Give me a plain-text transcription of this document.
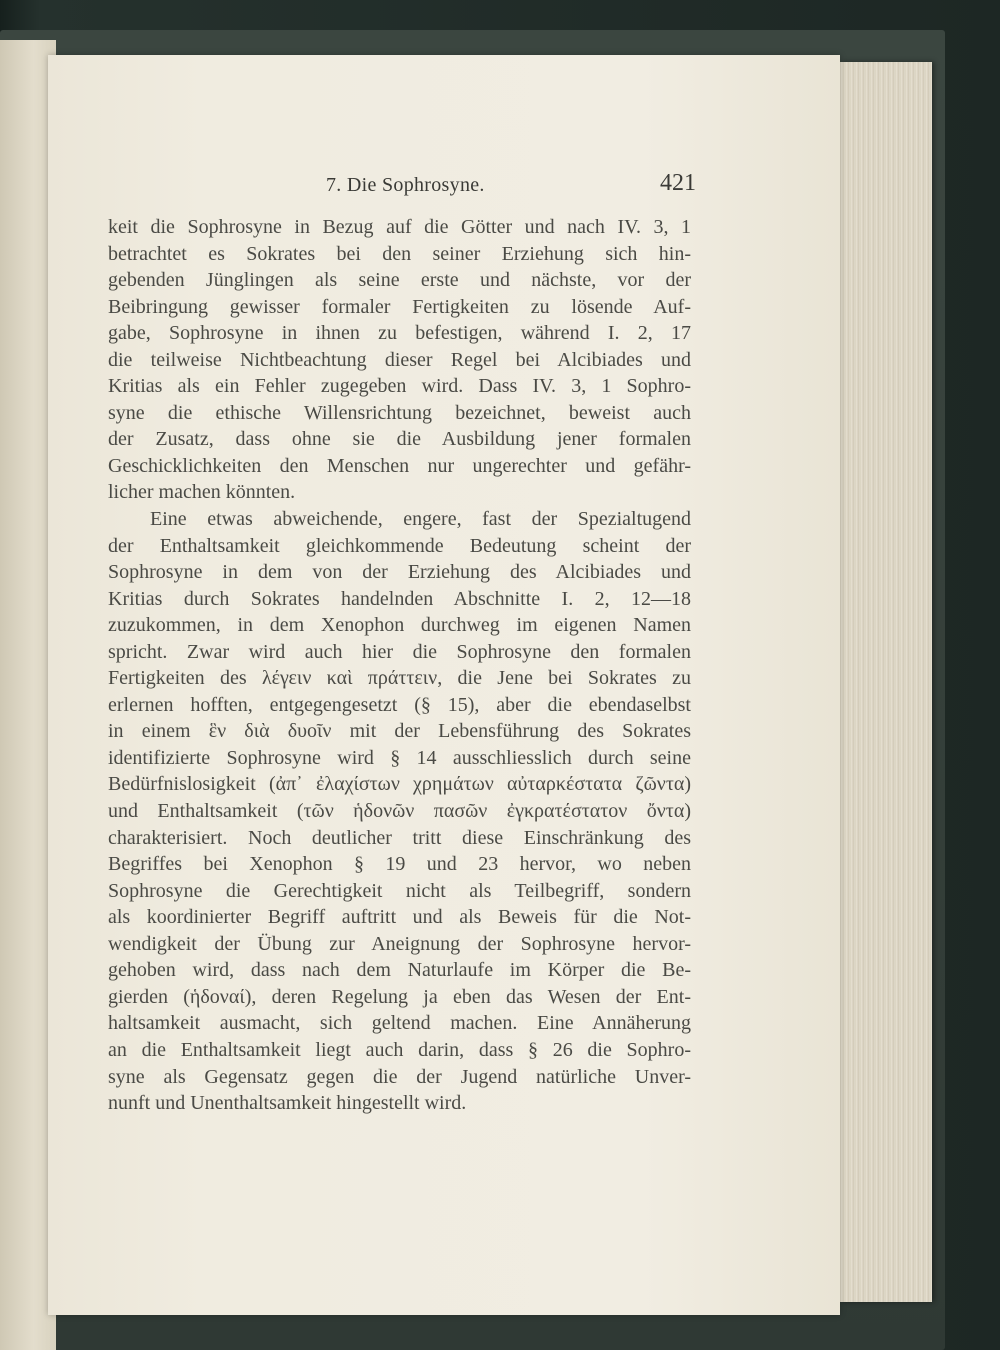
7. Die Sophrosyne.	421
keit die Sophrosyne in Bezug auf die Götter und nach IV. 3, 1
betrachtet es Sokrates bei den seiner Erziehung sich hin-
gebenden Jünglingen als seine erste und nächste, vor der
Beibringung gewisser formaler Fertigkeiten zu lösende Auf-
gabe, Sophrosyne in ihnen zu befestigen, während I. 2, 17
die teilweise Nichtbeachtung dieser Regel bei Alcibiades und
Kritias als ein Fehler zugegeben wird. Dass IV. 3, 1 Sophro-
syne die ethische Willensrichtung bezeichnet, beweist auch
der Zusatz, dass ohne sie die Ausbildung jener formalen
Geschicklichkeiten den Menschen nur ungerechter und gefähr-
licher machen könnten.
Eine etwas abweichende, engere, fast der Spezialtugend
der Enthaltsamkeit gleichkommende Bedeutung scheint der
Sophrosyne in dem von der Erziehung des Alcibiades und
Kritias durch Sokrates handelnden Abschnitte I. 2, 12—18
zuzukommen, in dem Xenophon durchweg im eigenen Namen
spricht. Zwar wird auch hier die Sophrosyne den formalen
Fertigkeiten des λέγειν καὶ πράττειν, die Jene bei Sokrates zu
erlernen hofften, entgegengesetzt (§ 15), aber die ebendaselbst
in einem ἓν διὰ δυοῖν mit der Lebensführung des Sokrates
identifizierte Sophrosyne wird § 14 ausschliesslich durch seine
Bedürfnislosigkeit (ἀπ᾽ ἐλαχίστων χρημάτων αὐταρκέστατα ζῶντα)
und Enthaltsamkeit (τῶν ἡδονῶν πασῶν ἐγκρατέστατον ὄντα)
charakterisiert. Noch deutlicher tritt diese Einschränkung des
Begriffes bei Xenophon § 19 und 23 hervor, wo neben
Sophrosyne die Gerechtigkeit nicht als Teilbegriff, sondern
als koordinierter Begriff auftritt und als Beweis für die Not-
wendigkeit der Übung zur Aneignung der Sophrosyne hervor-
gehoben wird, dass nach dem Naturlaufe im Körper die Be-
gierden (ἡδοναί), deren Regelung ja eben das Wesen der Ent-
haltsamkeit ausmacht, sich geltend machen. Eine Annäherung
an die Enthaltsamkeit liegt auch darin, dass § 26 die Sophro-
syne als Gegensatz gegen die der Jugend natürliche Unver-
nunft und Unenthaltsamkeit hingestellt wird.
